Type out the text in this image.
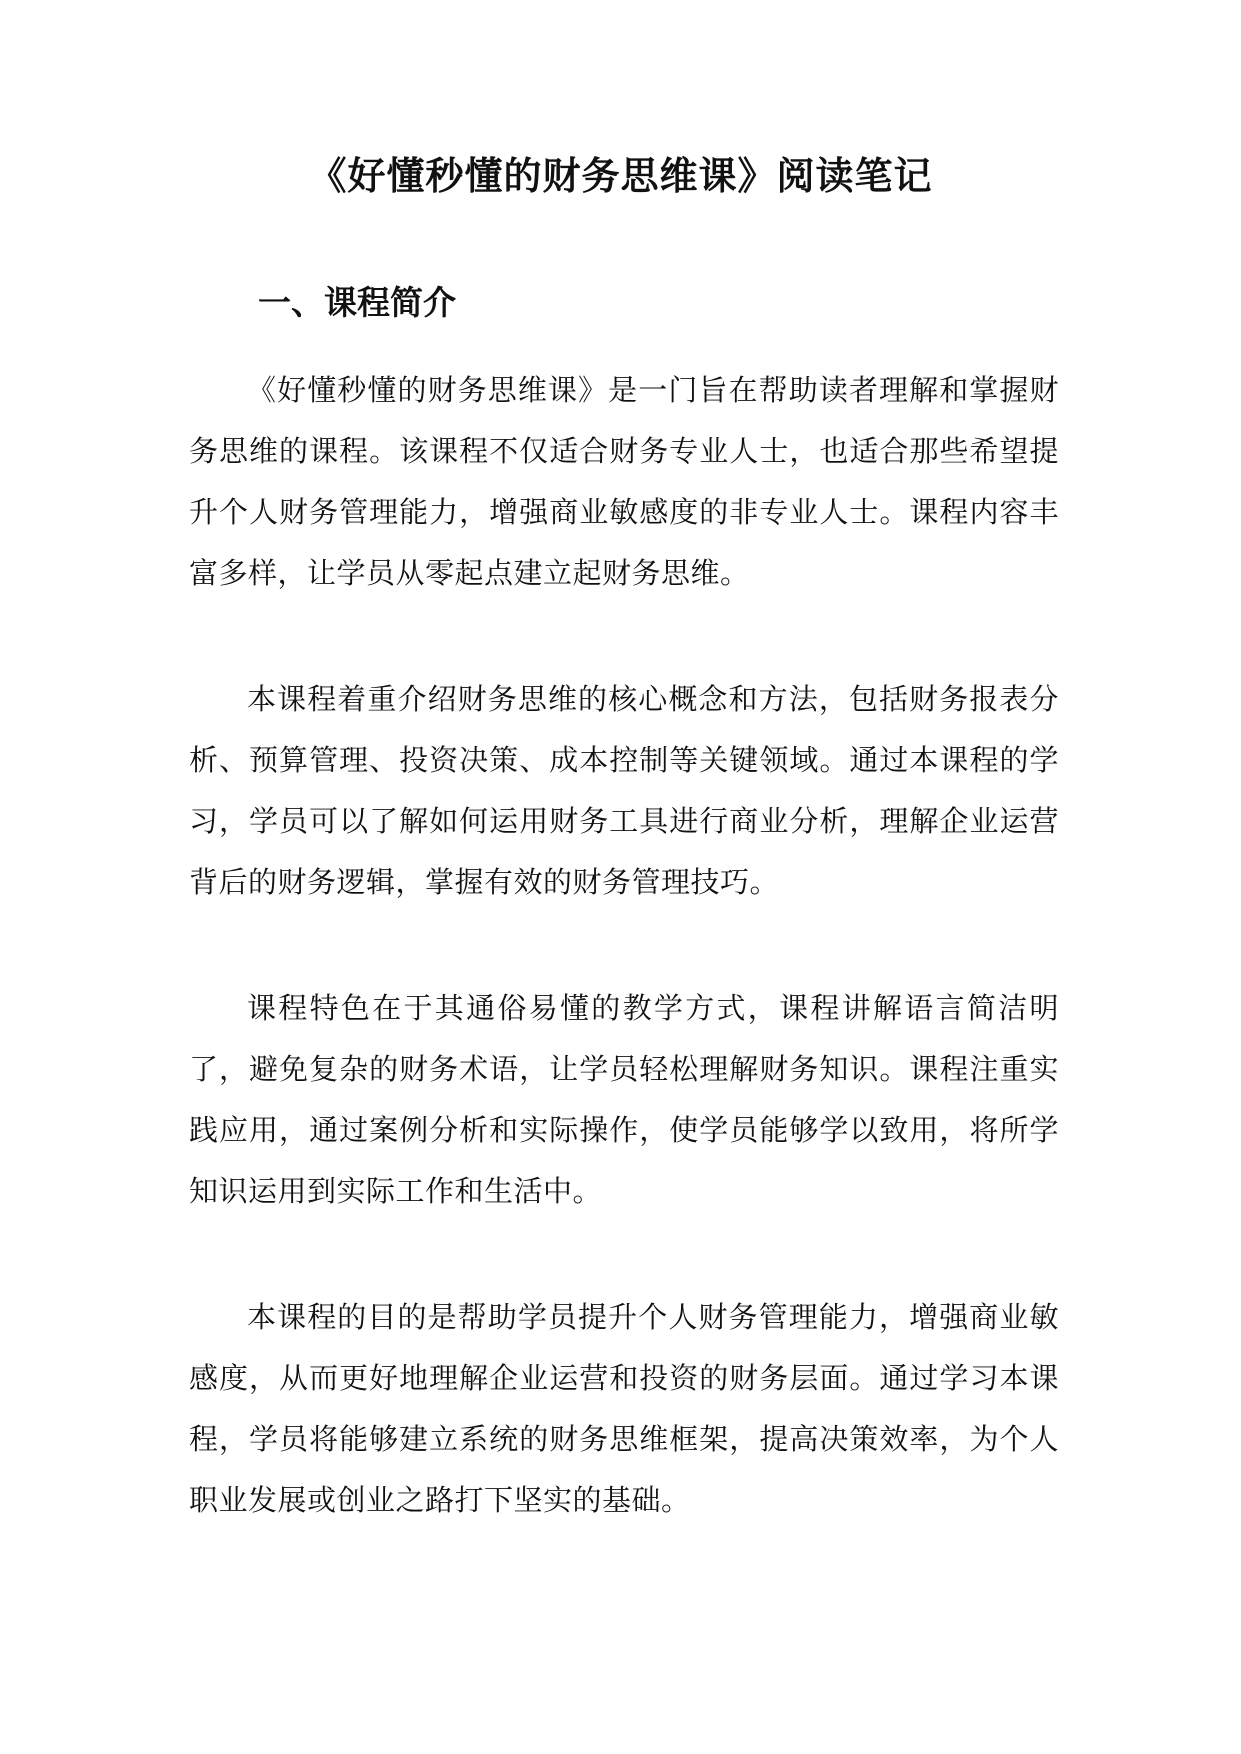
《好懂秒懂的财务思维课》阅读笔记
一、课程简介

《好懂秒懂的财务思维课》是一门旨在帮助读者理解和掌握财务思维的课程。该课程不仅适合财务专业人士，也适合那些希望提升个人财务管理能力，增强商业敏感度的非专业人士。课程内容丰富多样，让学员从零起点建立起财务思维。

本课程着重介绍财务思维的核心概念和方法，包括财务报表分析、预算管理、投资决策、成本控制等关键领域。通过本课程的学习，学员可以了解如何运用财务工具进行商业分析，理解企业运营背后的财务逻辑，掌握有效的财务管理技巧。

课程特色在于其通俗易懂的教学方式，课程讲解语言简洁明了，避免复杂的财务术语，让学员轻松理解财务知识。课程注重实践应用，通过案例分析和实际操作，使学员能够学以致用，将所学知识运用到实际工作和生活中。

本课程的目的是帮助学员提升个人财务管理能力，增强商业敏感度，从而更好地理解企业运营和投资的财务层面。通过学习本课程，学员将能够建立系统的财务思维框架，提高决策效率，为个人职业发展或创业之路打下坚实的基础。
